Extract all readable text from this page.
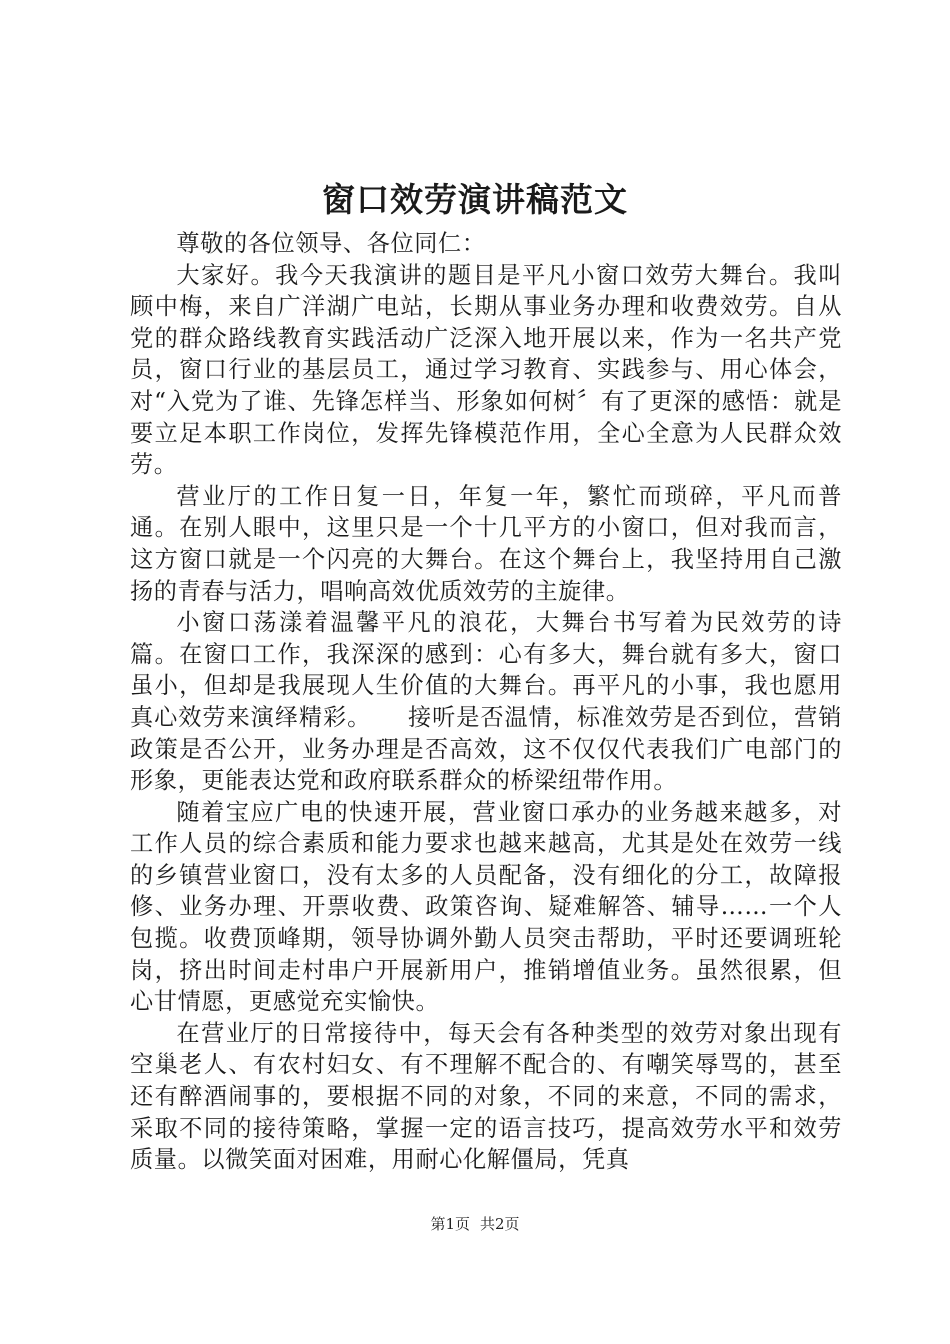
窗口效劳演讲稿范文

尊敬的各位领导、各位同仁：

大家好。我今天我演讲的题目是平凡小窗口效劳大舞台。我叫顾中梅，来自广洋湖广电站，长期从事业务办理和收费效劳。自从党的群众路线教育实践活动广泛深入地开展以来，作为一名共产党员，窗口行业的基层员工，通过学习教育、实践参与、用心体会，对“入党为了谁、先锋怎样当、形象如何树〞有了更深的感悟：就是要立足本职工作岗位，发挥先锋模范作用，全心全意为人民群众效劳。

营业厅的工作日复一日，年复一年，繁忙而琐碎，平凡而普通。在别人眼中，这里只是一个十几平方的小窗口，但对我而言，这方窗口就是一个闪亮的大舞台。在这个舞台上，我坚持用自己激扬的青春与活力，唱响高效优质效劳的主旋律。

小窗口荡漾着温馨平凡的浪花，大舞台书写着为民效劳的诗篇。在窗口工作，我深深的感到：心有多大，舞台就有多大，窗口虽小，但却是我展现人生价值的大舞台。再平凡的小事，我也愿用真心效劳来演绎精彩。　　接听是否温情，标准效劳是否到位，营销政策是否公开，业务办理是否高效，这不仅仅代表我们广电部门的形象，更能表达党和政府联系群众的桥梁纽带作用。

随着宝应广电的快速开展，营业窗口承办的业务越来越多，对工作人员的综合素质和能力要求也越来越高，尤其是处在效劳一线的乡镇营业窗口，没有太多的人员配备，没有细化的分工，故障报修、业务办理、开票收费、政策咨询、疑难解答、辅导……一个人包揽。收费顶峰期，领导协调外勤人员突击帮助，平时还要调班轮岗，挤出时间走村串户开展新用户，推销增值业务。虽然很累，但心甘情愿，更感觉充实愉快。

在营业厅的日常接待中，每天会有各种类型的效劳对象出现有空巢老人、有农村妇女、有不理解不配合的、有嘲笑辱骂的，甚至还有醉酒闹事的，要根据不同的对象，不同的来意，不同的需求，采取不同的接待策略，掌握一定的语言技巧，提高效劳水平和效劳质量。以微笑面对困难，用耐心化解僵局，凭真

第1页 共2页
